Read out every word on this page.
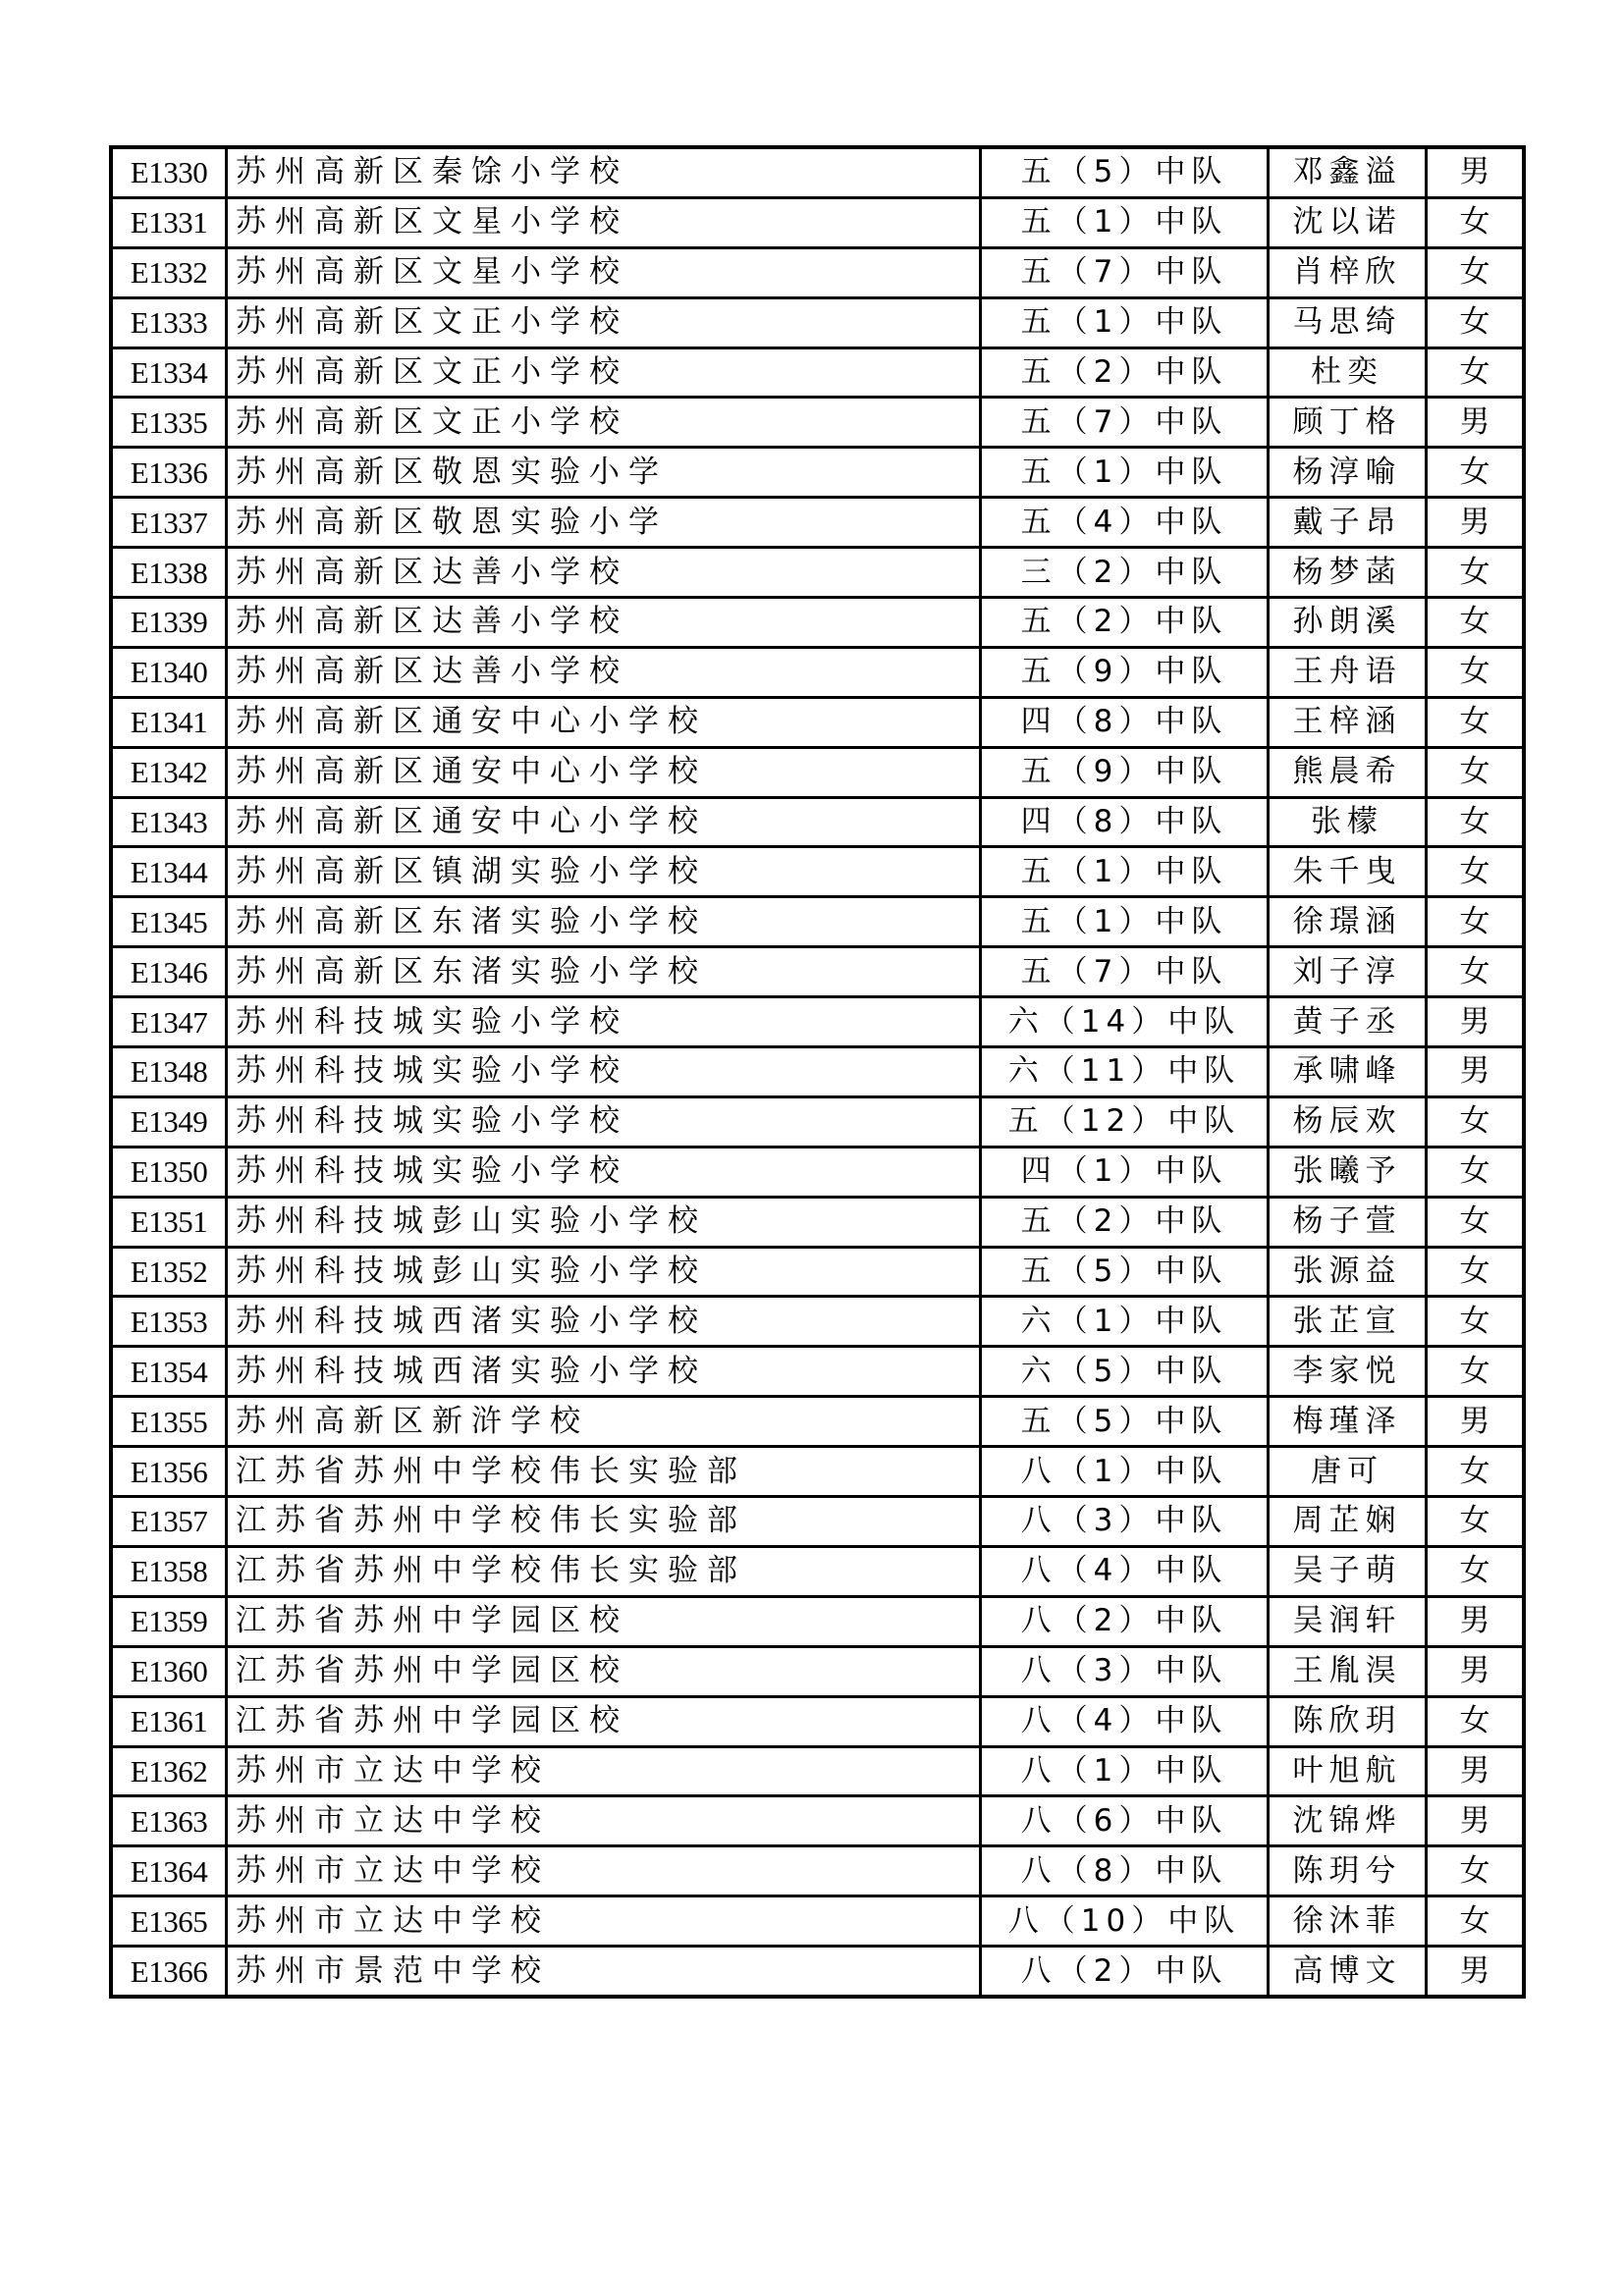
E1330	苏州高新区秦馀小学校	五（5）中队	邓鑫溢	男
E1331	苏州高新区文星小学校	五（1）中队	沈以诺	女
E1332	苏州高新区文星小学校	五（7）中队	肖梓欣	女
E1333	苏州高新区文正小学校	五（1）中队	马思绮	女
E1334	苏州高新区文正小学校	五（2）中队	杜奕	女
E1335	苏州高新区文正小学校	五（7）中队	顾丁格	男
E1336	苏州高新区敬恩实验小学	五（1）中队	杨淳喻	女
E1337	苏州高新区敬恩实验小学	五（4）中队	戴子昂	男
E1338	苏州高新区达善小学校	三（2）中队	杨梦菡	女
E1339	苏州高新区达善小学校	五（2）中队	孙朗溪	女
E1340	苏州高新区达善小学校	五（9）中队	王舟语	女
E1341	苏州高新区通安中心小学校	四（8）中队	王梓涵	女
E1342	苏州高新区通安中心小学校	五（9）中队	熊晨希	女
E1343	苏州高新区通安中心小学校	四（8）中队	张檬	女
E1344	苏州高新区镇湖实验小学校	五（1）中队	朱千曳	女
E1345	苏州高新区东渚实验小学校	五（1）中队	徐璟涵	女
E1346	苏州高新区东渚实验小学校	五（7）中队	刘子淳	女
E1347	苏州科技城实验小学校	六（14）中队	黄子丞	男
E1348	苏州科技城实验小学校	六（11）中队	承啸峰	男
E1349	苏州科技城实验小学校	五（12）中队	杨辰欢	女
E1350	苏州科技城实验小学校	四（1）中队	张曦予	女
E1351	苏州科技城彭山实验小学校	五（2）中队	杨子萱	女
E1352	苏州科技城彭山实验小学校	五（5）中队	张源益	女
E1353	苏州科技城西渚实验小学校	六（1）中队	张芷宣	女
E1354	苏州科技城西渚实验小学校	六（5）中队	李家悦	女
E1355	苏州高新区新浒学校	五（5）中队	梅瑾泽	男
E1356	江苏省苏州中学校伟长实验部	八（1）中队	唐可	女
E1357	江苏省苏州中学校伟长实验部	八（3）中队	周芷娴	女
E1358	江苏省苏州中学校伟长实验部	八（4）中队	吴子萌	女
E1359	江苏省苏州中学园区校	八（2）中队	吴润轩	男
E1360	江苏省苏州中学园区校	八（3）中队	王胤淏	男
E1361	江苏省苏州中学园区校	八（4）中队	陈欣玥	女
E1362	苏州市立达中学校	八（1）中队	叶旭航	男
E1363	苏州市立达中学校	八（6）中队	沈锦烨	男
E1364	苏州市立达中学校	八（8）中队	陈玥兮	女
E1365	苏州市立达中学校	八（10）中队	徐沐菲	女
E1366	苏州市景范中学校	八（2）中队	高博文	男
